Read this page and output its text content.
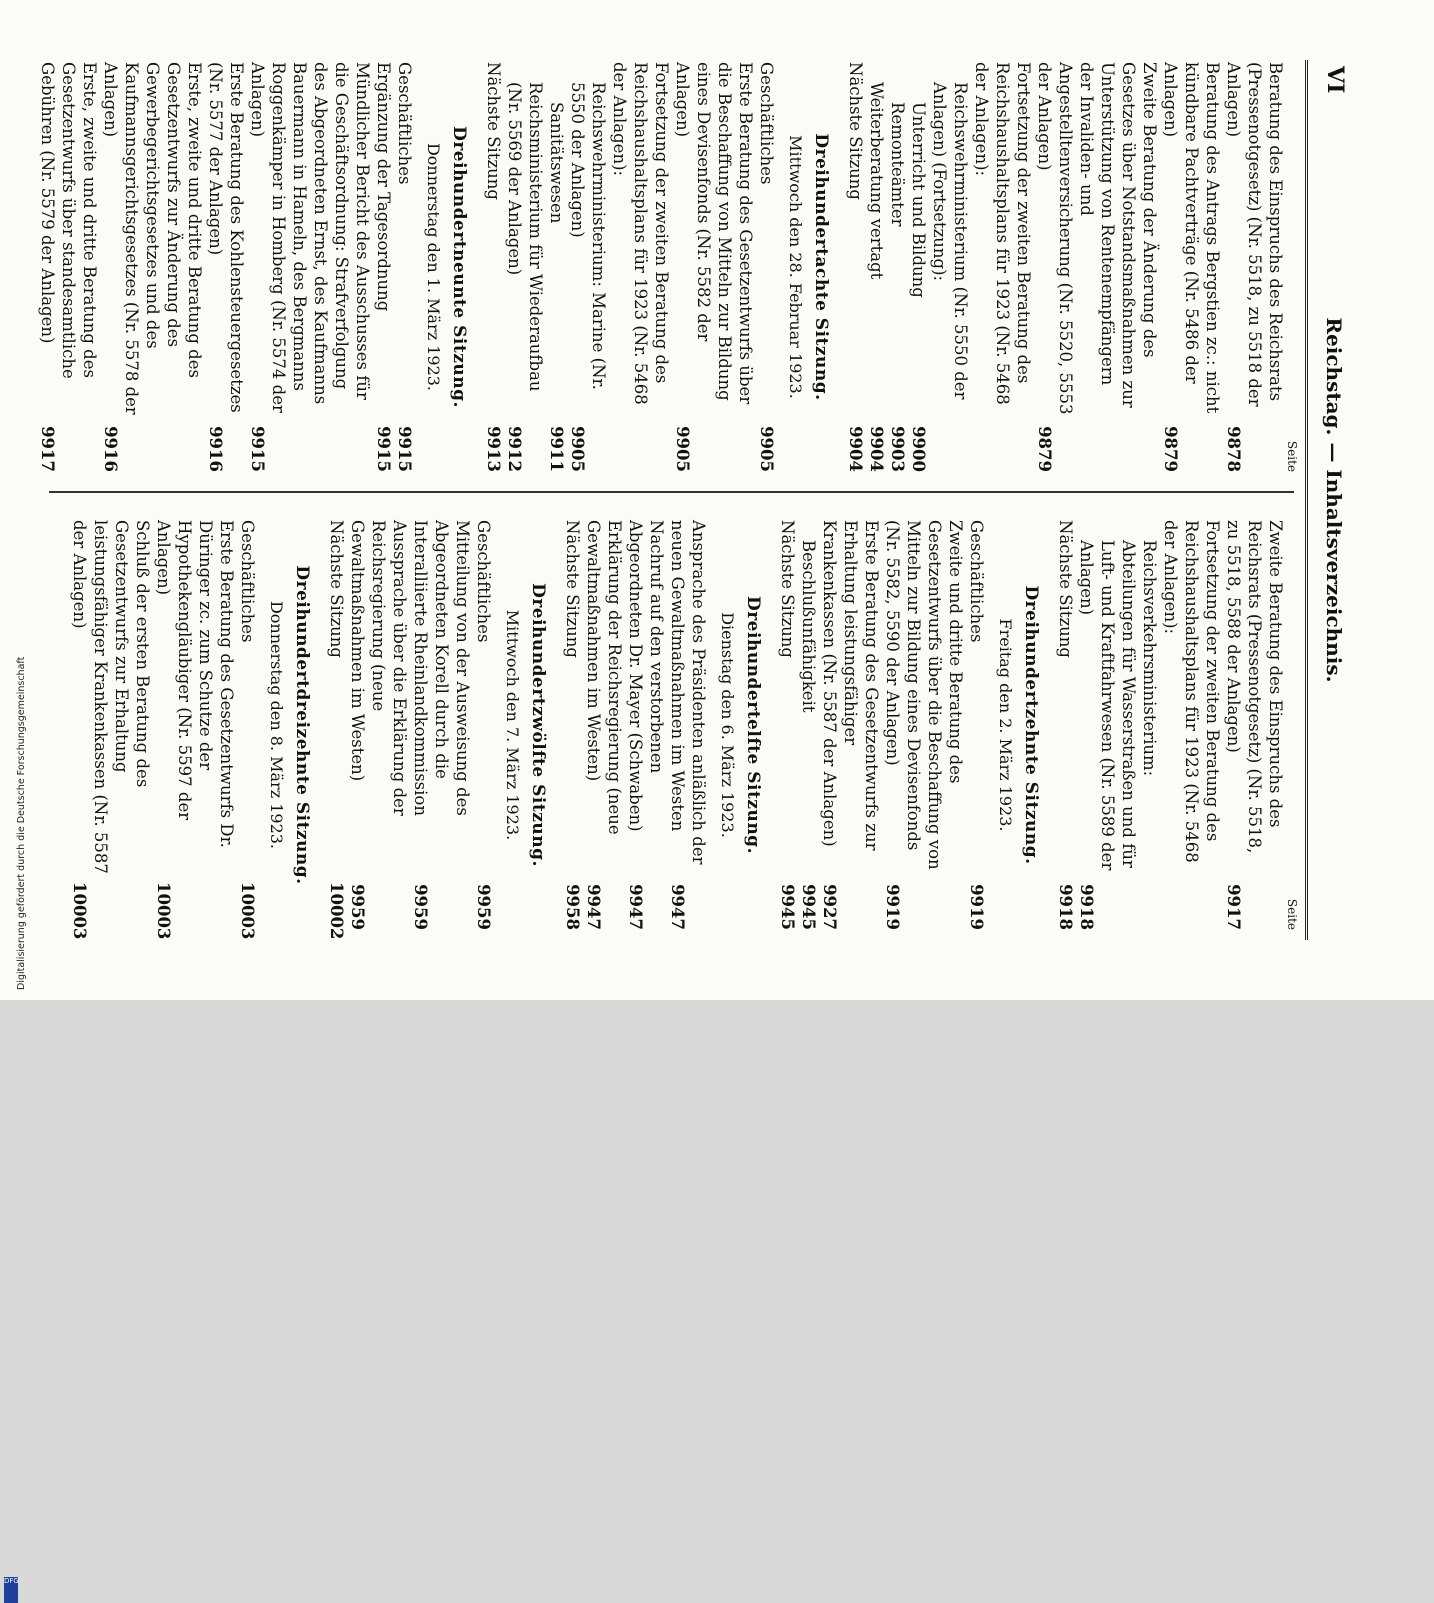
VI
Reichstag. — Inhaltsverzeichnis.
Seite
Beratung des Einspruchs des Reichsrats (Pressenotgesetz) (Nr. 5518, zu 5518 der Anlagen)
9878
Beratung des Antrags Bergstien zc.: nicht kündbare Pachtverträge (Nr. 5486 der Anlagen)
9879
Zweite Beratung der Änderung des Gesetzes über Notstandsmaßnahmen zur Unterstützung von Rentenempfängern der Invaliden- und Angestelltenversicherung (Nr. 5520, 5553 der Anlagen)
9879
Fortsetzung der zweiten Beratung des Reichshaushaltsplans für 1923 (Nr. 5468 der Anlagen):
Reichswehrministerium (Nr. 5550 der Anlagen) (Fortsetzung):
Unterricht und Bildung
9900
Remonteämter
9903
Weiterberatung vertagt
9904
Nächste Sitzung
9904
Dreihundertachte Sitzung.
Mittwoch den 28. Februar 1923.
Geschäftliches
9905
Erste Beratung des Gesetzentwurfs über die Beschaffung von Mitteln zur Bildung eines Devisenfonds (Nr. 5582 der Anlagen)
9905
Fortsetzung der zweiten Beratung des Reichshaushaltsplans für 1923 (Nr. 5468 der Anlagen):
Reichswehrministerium: Marine (Nr. 5550 der Anlagen)
9905
Sanitätswesen
9911
Reichsministerium für Wiederaufbau (Nr. 5569 der Anlagen)
9912
Nächste Sitzung
9913
Dreihundertneunte Sitzung.
Donnerstag den 1. März 1923.
Geschäftliches
9915
Ergänzung der Tagesordnung
9915
Mündlicher Bericht des Ausschusses für die Geschäftsordnung: Strafverfolgung des Abgeordneten Ernst, des Kaufmanns Bauermann in Hameln, des Bergmanns Roggenkämper in Homberg (Nr. 5574 der Anlagen)
9915
Erste Beratung des Kohlensteuergesetzes (Nr. 5577 der Anlagen)
9916
Erste, zweite und dritte Beratung des Gesetzentwurfs zur Änderung des Gewerbegerichtsgesetzes und des Kaufmannsgerichtsgesetzes (Nr. 5578 der Anlagen)
9916
Erste, zweite und dritte Beratung des Gesetzentwurfs über standesamtliche Gebühren (Nr. 5579 der Anlagen)
9917
Seite
Zweite Beratung des Einspruchs des Reichsrats (Pressenotgesetz) (Nr. 5518, zu 5518, 5588 der Anlagen)
9917
Fortsetzung der zweiten Beratung des Reichshaushaltsplans für 1923 (Nr. 5468 der Anlagen):
Reichsverkehrsministerium: Abteilungen für Wasserstraßen und für Luft- und Kraftfahrwesen (Nr. 5589 der Anlagen)
9918
Nächste Sitzung
9918
Dreihundertzehnte Sitzung.
Freitag den 2. März 1923.
Geschäftliches
9919
Zweite und dritte Beratung des Gesetzentwurfs über die Beschaffung von Mitteln zur Bildung eines Devisenfonds (Nr. 5582, 5590 der Anlagen)
9919
Erste Beratung des Gesetzentwurfs zur Erhaltung leistungsfähiger Krankenkassen (Nr. 5587 der Anlagen)
9927
Beschlußunfähigkeit
9945
Nächste Sitzung
9945
Dreihundertelfte Sitzung.
Dienstag den 6. März 1923.
Ansprache des Präsidenten anläßlich der neuen Gewaltmaßnahmen im Westen
9947
Nachruf auf den verstorbenen Abgeordneten Dr. Mayer (Schwaben)
9947
Erklärung der Reichsregierung (neue Gewaltmaßnahmen im Westen)
9947
Nächste Sitzung
9958
Dreihundertzwölfte Sitzung.
Mittwoch den 7. März 1923.
Geschäftliches
9959
Mitteilung von der Ausweisung des Abgeordneten Korell durch die Interalliierte Rheinlandkommission
9959
Aussprache über die Erklärung der Reichsregierung (neue Gewaltmaßnahmen im Westen)
9959
Nächste Sitzung
10002
Dreihundertdreizehnte Sitzung.
Donnerstag den 8. März 1923.
Geschäftliches
10003
Erste Beratung des Gesetzentwurfs Dr. Düringer zc. zum Schutze der Hypothekengläubiger (Nr. 5597 der Anlagen)
10003
Schluß der ersten Beratung des Gesetzentwurfs zur Erhaltung leistungsfähiger Krankenkassen (Nr. 5587 der Anlagen)
10003
Digitalisierung gefördert durch die Deutsche Forschungsgemeinschaft
DFG
